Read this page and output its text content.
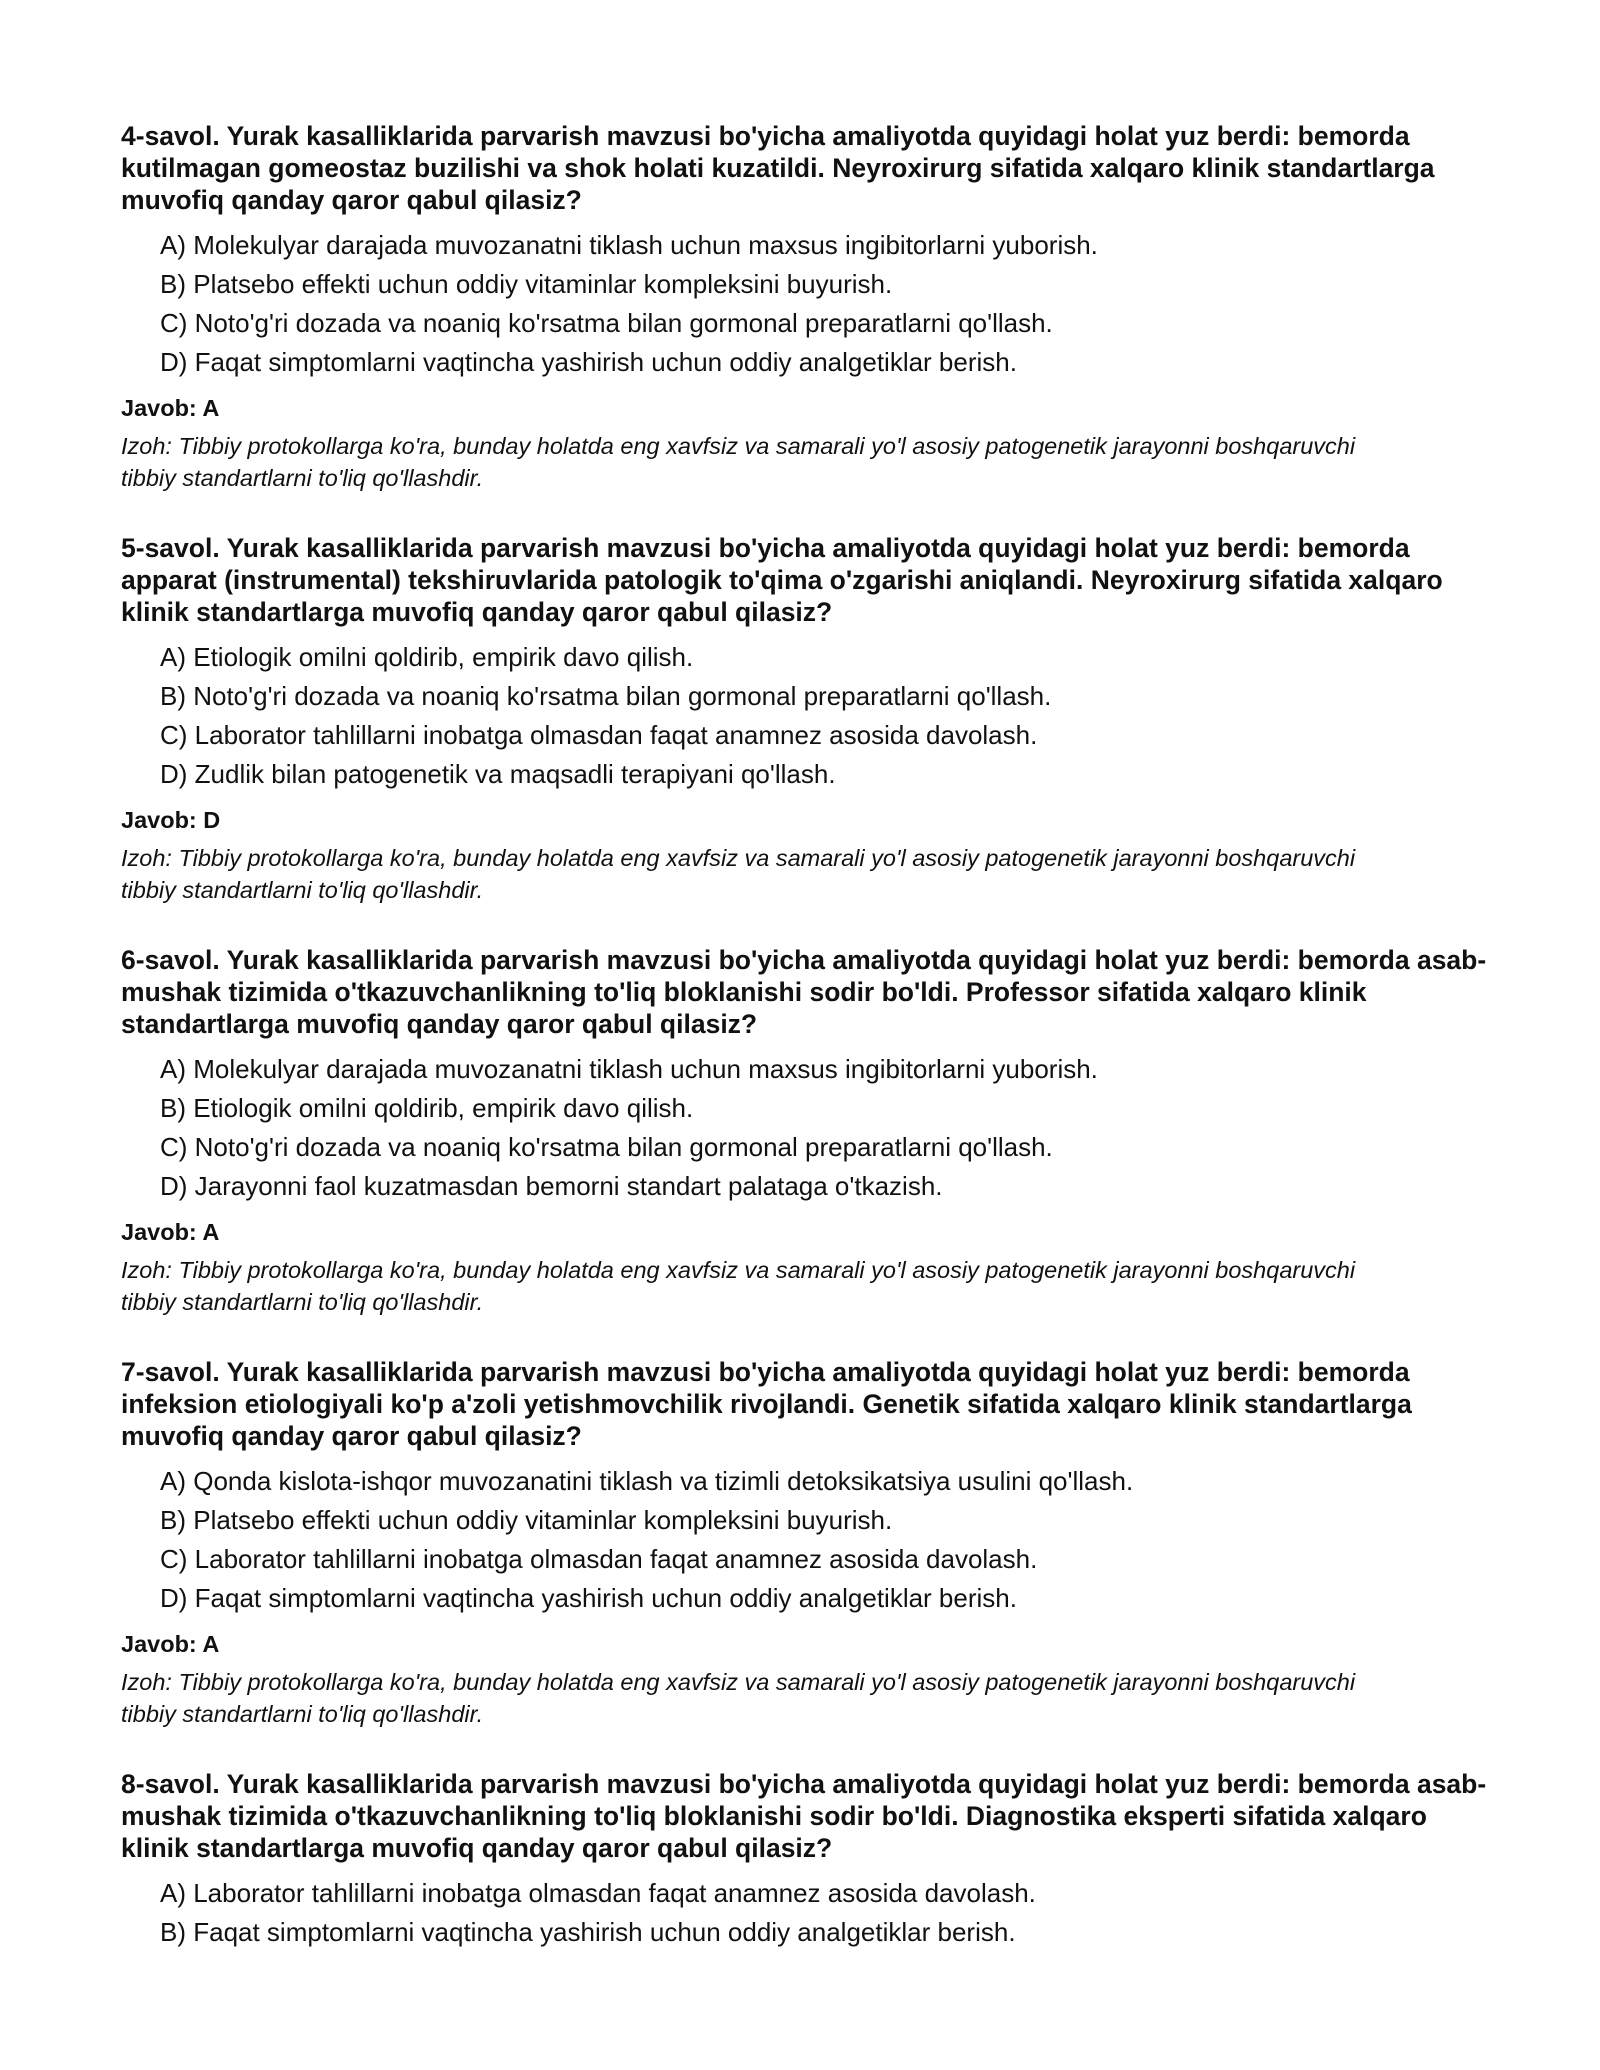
4-savol. Yurak kasalliklarida parvarish mavzusi bo'yicha amaliyotda quyidagi holat yuz berdi: bemorda kutilmagan gomeostaz buzilishi va shok holati kuzatildi. Neyroxirurg sifatida xalqaro klinik standartlarga muvofiq qanday qaror qabul qilasiz?
A) Molekulyar darajada muvozanatni tiklash uchun maxsus ingibitorlarni yuborish.
B) Platsebo effekti uchun oddiy vitaminlar kompleksini buyurish.
C) Noto'g'ri dozada va noaniq ko'rsatma bilan gormonal preparatlarni qo'llash.
D) Faqat simptomlarni vaqtincha yashirish uchun oddiy analgetiklar berish.
Javob: A
Izoh: Tibbiy protokollarga ko'ra, bunday holatda eng xavfsiz va samarali yo'l asosiy patogenetik jarayonni boshqaruvchi tibbiy standartlarni to'liq qo'llashdir.
5-savol. Yurak kasalliklarida parvarish mavzusi bo'yicha amaliyotda quyidagi holat yuz berdi: bemorda apparat (instrumental) tekshiruvlarida patologik to'qima o'zgarishi aniqlandi. Neyroxirurg sifatida xalqaro klinik standartlarga muvofiq qanday qaror qabul qilasiz?
A) Etiologik omilni qoldirib, empirik davo qilish.
B) Noto'g'ri dozada va noaniq ko'rsatma bilan gormonal preparatlarni qo'llash.
C) Laborator tahlillarni inobatga olmasdan faqat anamnez asosida davolash.
D) Zudlik bilan patogenetik va maqsadli terapiyani qo'llash.
Javob: D
Izoh: Tibbiy protokollarga ko'ra, bunday holatda eng xavfsiz va samarali yo'l asosiy patogenetik jarayonni boshqaruvchi tibbiy standartlarni to'liq qo'llashdir.
6-savol. Yurak kasalliklarida parvarish mavzusi bo'yicha amaliyotda quyidagi holat yuz berdi: bemorda asab-mushak tizimida o'tkazuvchanlikning to'liq bloklanishi sodir bo'ldi. Professor sifatida xalqaro klinik standartlarga muvofiq qanday qaror qabul qilasiz?
A) Molekulyar darajada muvozanatni tiklash uchun maxsus ingibitorlarni yuborish.
B) Etiologik omilni qoldirib, empirik davo qilish.
C) Noto'g'ri dozada va noaniq ko'rsatma bilan gormonal preparatlarni qo'llash.
D) Jarayonni faol kuzatmasdan bemorni standart palataga o'tkazish.
Javob: A
Izoh: Tibbiy protokollarga ko'ra, bunday holatda eng xavfsiz va samarali yo'l asosiy patogenetik jarayonni boshqaruvchi tibbiy standartlarni to'liq qo'llashdir.
7-savol. Yurak kasalliklarida parvarish mavzusi bo'yicha amaliyotda quyidagi holat yuz berdi: bemorda infeksion etiologiyali ko'p a'zoli yetishmovchilik rivojlandi. Genetik sifatida xalqaro klinik standartlarga muvofiq qanday qaror qabul qilasiz?
A) Qonda kislota-ishqor muvozanatini tiklash va tizimli detoksikatsiya usulini qo'llash.
B) Platsebo effekti uchun oddiy vitaminlar kompleksini buyurish.
C) Laborator tahlillarni inobatga olmasdan faqat anamnez asosida davolash.
D) Faqat simptomlarni vaqtincha yashirish uchun oddiy analgetiklar berish.
Javob: A
Izoh: Tibbiy protokollarga ko'ra, bunday holatda eng xavfsiz va samarali yo'l asosiy patogenetik jarayonni boshqaruvchi tibbiy standartlarni to'liq qo'llashdir.
8-savol. Yurak kasalliklarida parvarish mavzusi bo'yicha amaliyotda quyidagi holat yuz berdi: bemorda asab-mushak tizimida o'tkazuvchanlikning to'liq bloklanishi sodir bo'ldi. Diagnostika eksperti sifatida xalqaro klinik standartlarga muvofiq qanday qaror qabul qilasiz?
A) Laborator tahlillarni inobatga olmasdan faqat anamnez asosida davolash.
B) Faqat simptomlarni vaqtincha yashirish uchun oddiy analgetiklar berish.
